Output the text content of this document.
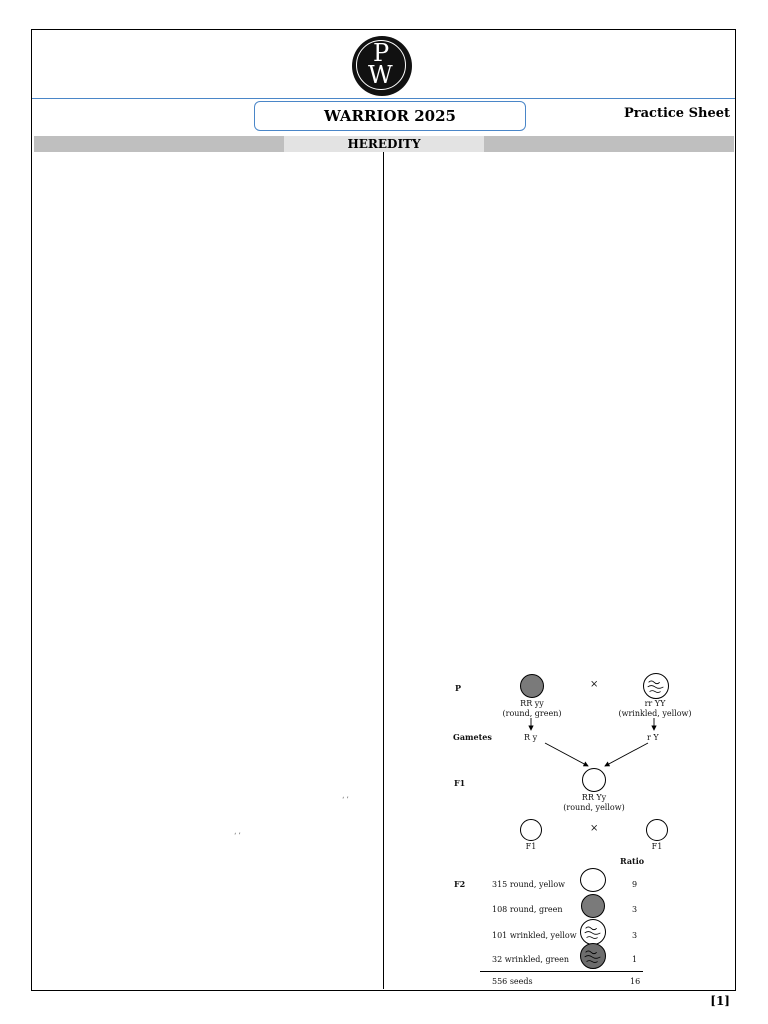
P
W
WARRIOR 2025	Practice Sheet
HEREDITY
‘ ’
‘ ’
P
RR yy
(round, green)
×
rr YY
(wrinkled, yellow)
Gametes	R y	r Y
F1
RR Yy
(round, yellow)
F1
×
F1
Ratio
F2	315 round, yellow	9
108 round, green	3
101 wrinkled, yellow	3
32 wrinkled, green	1
556 seeds	16
[1]
